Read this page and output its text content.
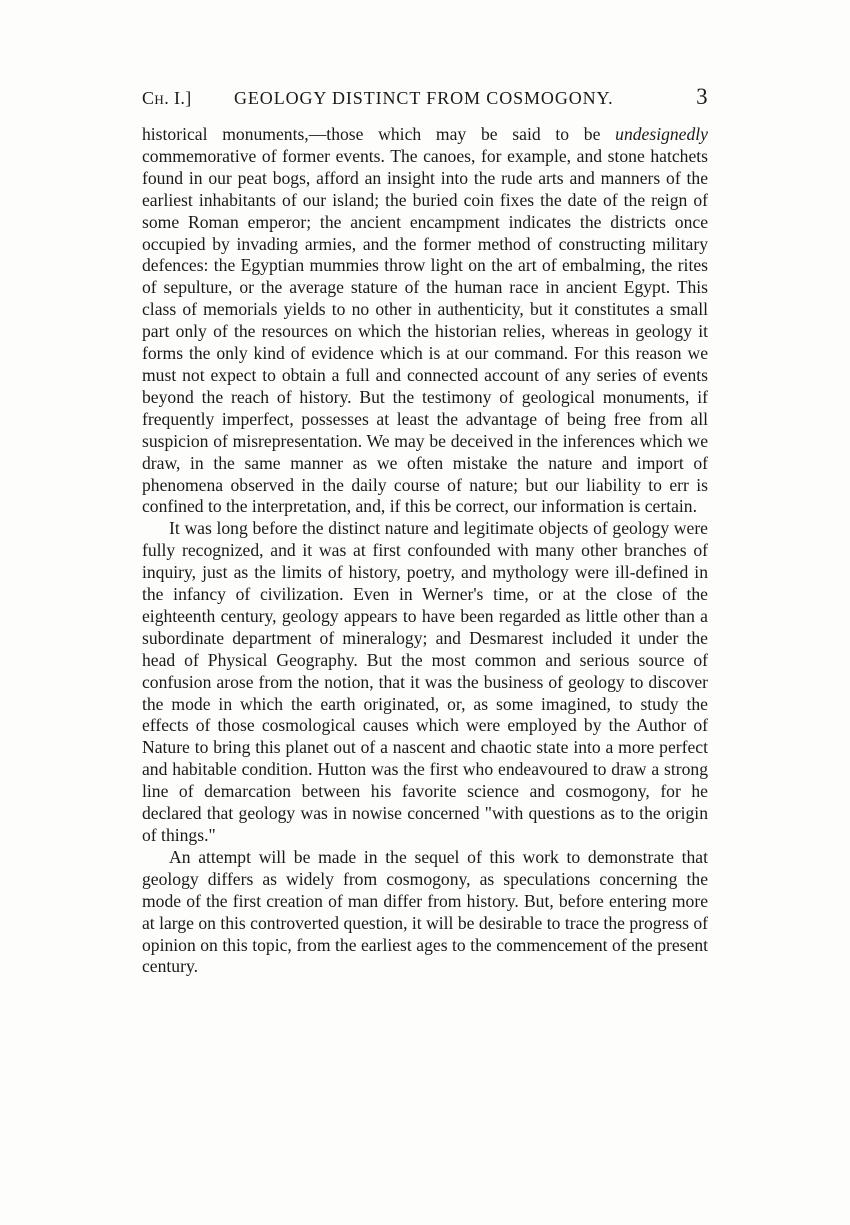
Ch. I.] GEOLOGY DISTINCT FROM COSMOGONY.	3

historical monuments,—those which may be said to be undesignedly commemorative of former events. The canoes, for example, and stone hatchets found in our peat bogs, afford an insight into the rude arts and manners of the earliest inhabitants of our island; the buried coin fixes the date of the reign of some Roman emperor; the ancient encampment indicates the districts once occupied by invading armies, and the former method of constructing military defences: the Egyptian mummies throw light on the art of embalming, the rites of sepulture, or the average stature of the human race in ancient Egypt. This class of memorials yields to no other in authenticity, but it constitutes a small part only of the resources on which the historian relies, whereas in geology it forms the only kind of evidence which is at our command. For this reason we must not expect to obtain a full and connected account of any series of events beyond the reach of history. But the testimony of geological monuments, if frequently imperfect, possesses at least the advantage of being free from all suspicion of misrepresentation. We may be deceived in the inferences which we draw, in the same manner as we often mistake the nature and import of phenomena observed in the daily course of nature; but our liability to err is confined to the interpretation, and, if this be correct, our information is certain.

It was long before the distinct nature and legitimate objects of geology were fully recognized, and it was at first confounded with many other branches of inquiry, just as the limits of history, poetry, and mythology were ill-defined in the infancy of civilization. Even in Werner's time, or at the close of the eighteenth century, geology appears to have been regarded as little other than a subordinate department of mineralogy; and Desmarest included it under the head of Physical Geography. But the most common and serious source of confusion arose from the notion, that it was the business of geology to discover the mode in which the earth originated, or, as some imagined, to study the effects of those cosmological causes which were employed by the Author of Nature to bring this planet out of a nascent and chaotic state into a more perfect and habitable condition. Hutton was the first who endeavoured to draw a strong line of demarcation between his favorite science and cosmogony, for he declared that geology was in nowise concerned "with questions as to the origin of things."

An attempt will be made in the sequel of this work to demonstrate that geology differs as widely from cosmogony, as speculations concerning the mode of the first creation of man differ from history. But, before entering more at large on this controverted question, it will be desirable to trace the progress of opinion on this topic, from the earliest ages to the commencement of the present century.
